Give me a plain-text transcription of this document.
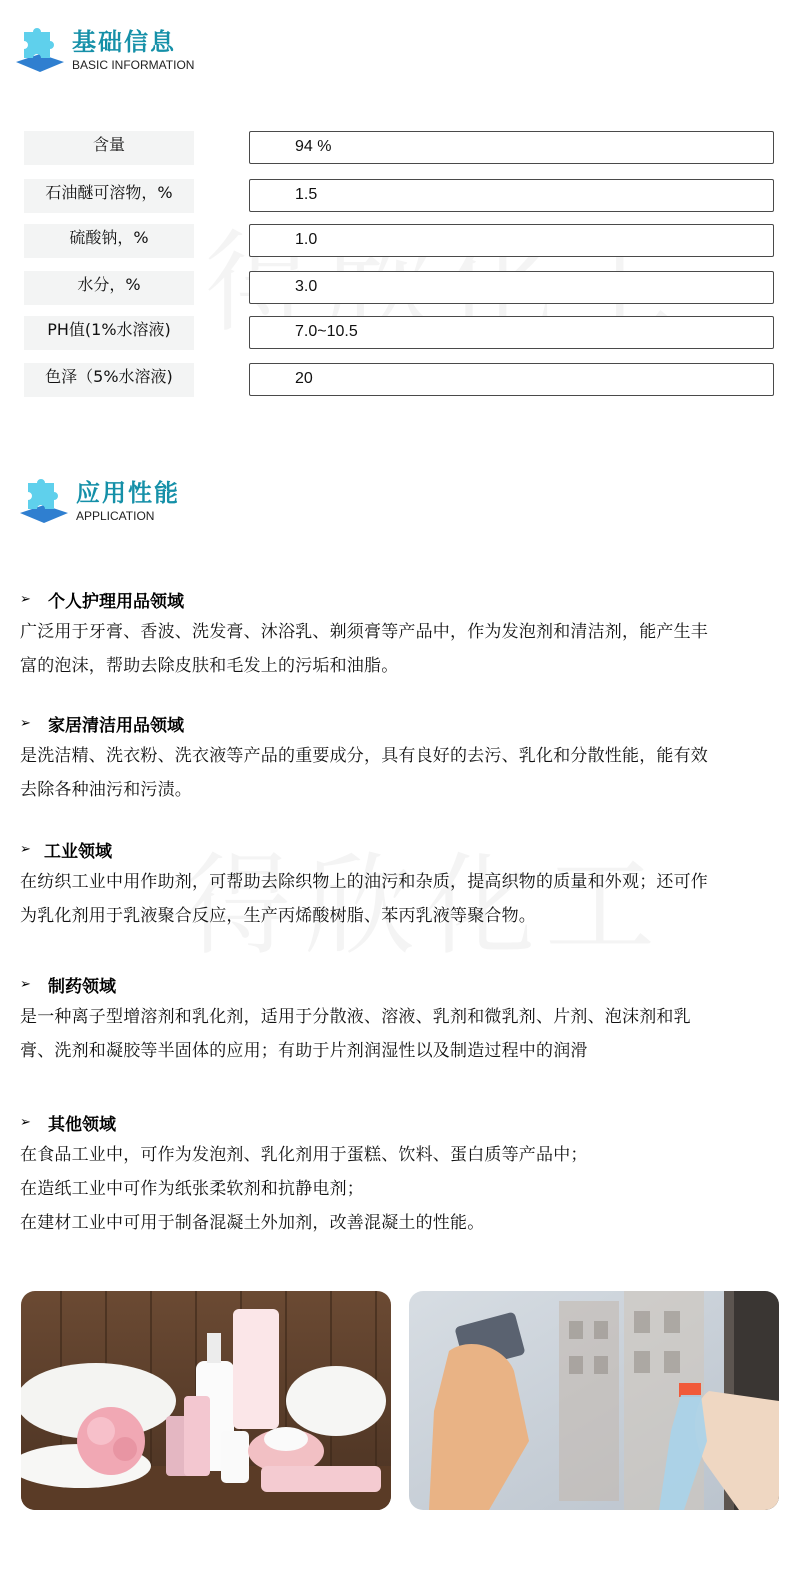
基础信息
BASIC INFORMATION
含量	94 %
石油醚可溶物，%	1.5
硫酸钠，%	1.0
水分，%	3.0
PH值(1%水溶液)	7.0~10.5
色泽（5%水溶液)	20
应用性能
APPLICATION
➢	个人护理用品领域

广泛用于牙膏、香波、洗发膏、沐浴乳、剃须膏等产品中，作为发泡剂和清洁剂，能产生丰

富的泡沫，帮助去除皮肤和毛发上的污垢和油脂。

➢	家居清洁用品领域

是洗洁精、洗衣粉、洗衣液等产品的重要成分，具有良好的去污、乳化和分散性能，能有效

去除各种油污和污渍。

➢ 工业领域

在纺织工业中用作助剂，可帮助去除织物上的油污和杂质，提高织物的质量和外观；还可作

为乳化剂用于乳液聚合反应，生产丙烯酸树脂、苯丙乳液等聚合物。

➢	制药领域

是一种离子型增溶剂和乳化剂，适用于分散液、溶液、乳剂和微乳剂、片剂、泡沫剂和乳

膏、洗剂和凝胶等半固体的应用；有助于片剂润湿性以及制造过程中的润滑

➢	其他领域

在食品工业中，可作为发泡剂、乳化剂用于蛋糕、饮料、蛋白质等产品中；

在造纸工业中可作为纸张柔软剂和抗静电剂；

在建材工业中可用于制备混凝土外加剂，改善混凝土的性能。
